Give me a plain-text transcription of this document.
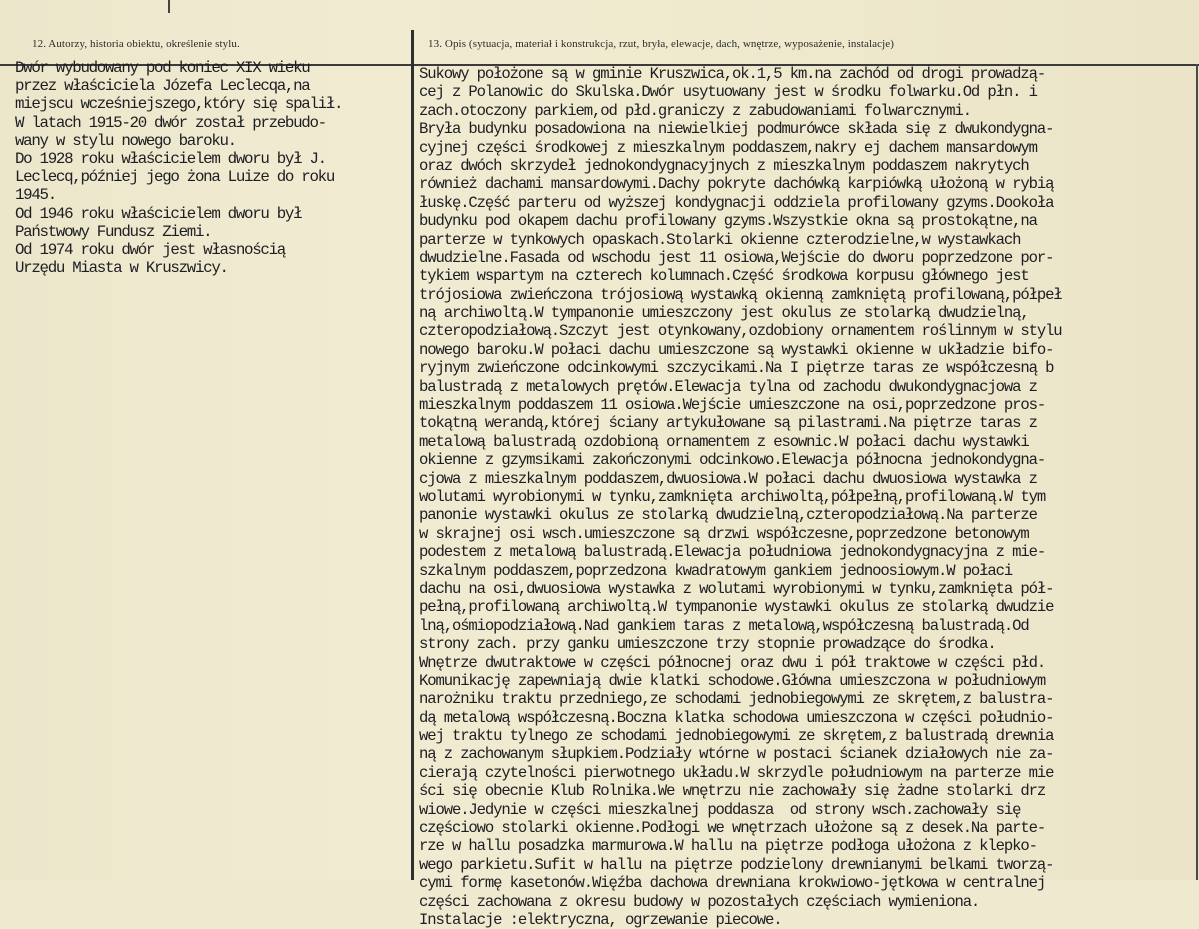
12. Autorzy, historia obiektu, określenie stylu.	13. Opis (sytuacja, materiał i konstrukcja, rzut, bryła, elewacje, dach, wnętrze, wyposażenie, instalacje)
Dwór wybudowany pod koniec XIX wieku
przez właściciela Józefa Leclecqa,na
miejscu wcześniejszego,który się spalił.
W latach 1915-20 dwór został przebudo-
wany w stylu nowego baroku.
Do 1928 roku właścicielem dworu był J.
Leclecq,później jego żona Luize do roku
1945.
Od 1946 roku właścicielem dworu był
Państwowy Fundusz Ziemi.
Od 1974 roku dwór jest własnością
Urzędu Miasta w Kruszwicy.
Sukowy położone są w gminie Kruszwica,ok.1,5 km.na zachód od drogi prowadzą-
cej z Polanowic do Skulska.Dwór usytuowany jest w środku folwarku.Od płn. i
zach.otoczony parkiem,od płd.graniczy z zabudowaniami folwarcznymi.
Bryła budynku posadowiona na niewielkiej podmurówce składa się z dwukondygna-
cyjnej części środkowej z mieszkalnym poddaszem,nakry ej dachem mansardowym
oraz dwóch skrzydeł jednokondygnacyjnych z mieszkalnym poddaszem nakrytych
również dachami mansardowymi.Dachy pokryte dachówką karpiówką ułożoną w rybią
łuskę.Część parteru od wyższej kondygnacji oddziela profilowany gzyms.Dookoła
budynku pod okapem dachu profilowany gzyms.Wszystkie okna są prostokątne,na
parterze w tynkowych opaskach.Stolarki okienne czterodzielne,w wystawkach
dwudzielne.Fasada od wschodu jest 11 osiowa,Wejście do dworu poprzedzone por-
tykiem wspartym na czterech kolumnach.Część środkowa korpusu głównego jest
trójosiowa zwieńczona trójosiową wystawką okienną zamkniętą profilowaną,półpeł
ną archiwoltą.W tympanonie umieszczony jest okulus ze stolarką dwudzielną,
czteropodziałową.Szczyt jest otynkowany,ozdobiony ornamentem roślinnym w stylu
nowego baroku.W połaci dachu umieszczone są wystawki okienne w układzie bifo-
ryjnym zwieńczone odcinkowymi szczycikami.Na I piętrze taras ze współczesną b
balustradą z metalowych prętów.Elewacja tylna od zachodu dwukondygnacjowa z
mieszkalnym poddaszem 11 osiowa.Wejście umieszczone na osi,poprzedzone pros-
tokątną werandą,której ściany artykułowane są pilastrami.Na piętrze taras z
metalową balustradą ozdobioną ornamentem z esownic.W połaci dachu wystawki
okienne z gzymsikami zakończonymi odcinkowo.Elewacja północna jednokondygna-
cjowa z mieszkalnym poddaszem,dwuosiowa.W połaci dachu dwuosiowa wystawka z
wolutami wyrobionymi w tynku,zamknięta archiwoltą,półpełną,profilowaną.W tym
panonie wystawki okulus ze stolarką dwudzielną,czteropodziałową.Na parterze
w skrajnej osi wsch.umieszczone są drzwi współczesne,poprzedzone betonowym
podestem z metalową balustradą.Elewacja południowa jednokondygnacyjna z mie-
szkalnym poddaszem,poprzedzona kwadratowym gankiem jednoosiowym.W połaci
dachu na osi,dwuosiowa wystawka z wolutami wyrobionymi w tynku,zamknięta pół-
pełną,profilowaną archiwoltą.W tympanonie wystawki okulus ze stolarką dwudzie
lną,ośmiopodziałową.Nad gankiem taras z metalową,współczesną balustradą.Od
strony zach. przy ganku umieszczone trzy stopnie prowadzące do środka.
Wnętrze dwutraktowe w części północnej oraz dwu i pół traktowe w części płd.
Komunikację zapewniają dwie klatki schodowe.Główna umieszczona w południowym
narożniku traktu przedniego,ze schodami jednobiegowymi ze skrętem,z balustra-
dą metalową współczesną.Boczna klatka schodowa umieszczona w części południo-
wej traktu tylnego ze schodami jednobiegowymi ze skrętem,z balustradą drewnia
ną z zachowanym słupkiem.Podziały wtórne w postaci ścianek działowych nie za-
cierają czytelności pierwotnego układu.W skrzydle południowym na parterze mie
ści się obecnie Klub Rolnika.We wnętrzu nie zachowały się żadne stolarki drz
wiowe.Jedynie w części mieszkalnej poddasza  od strony wsch.zachowały się
częściowo stolarki okienne.Podłogi we wnętrzach ułożone są z desek.Na parte-
rze w hallu posadzka marmurowa.W hallu na piętrze podłoga ułożona z klepko-
wego parkietu.Sufit w hallu na piętrze podzielony drewnianymi belkami tworzą-
cymi formę kasetonów.Więźba dachowa drewniana krokwiowo-jętkowa w centralnej
części zachowana z okresu budowy w pozostałych częściach wymieniona.
Instalacje :elektryczna, ogrzewanie piecowe.
